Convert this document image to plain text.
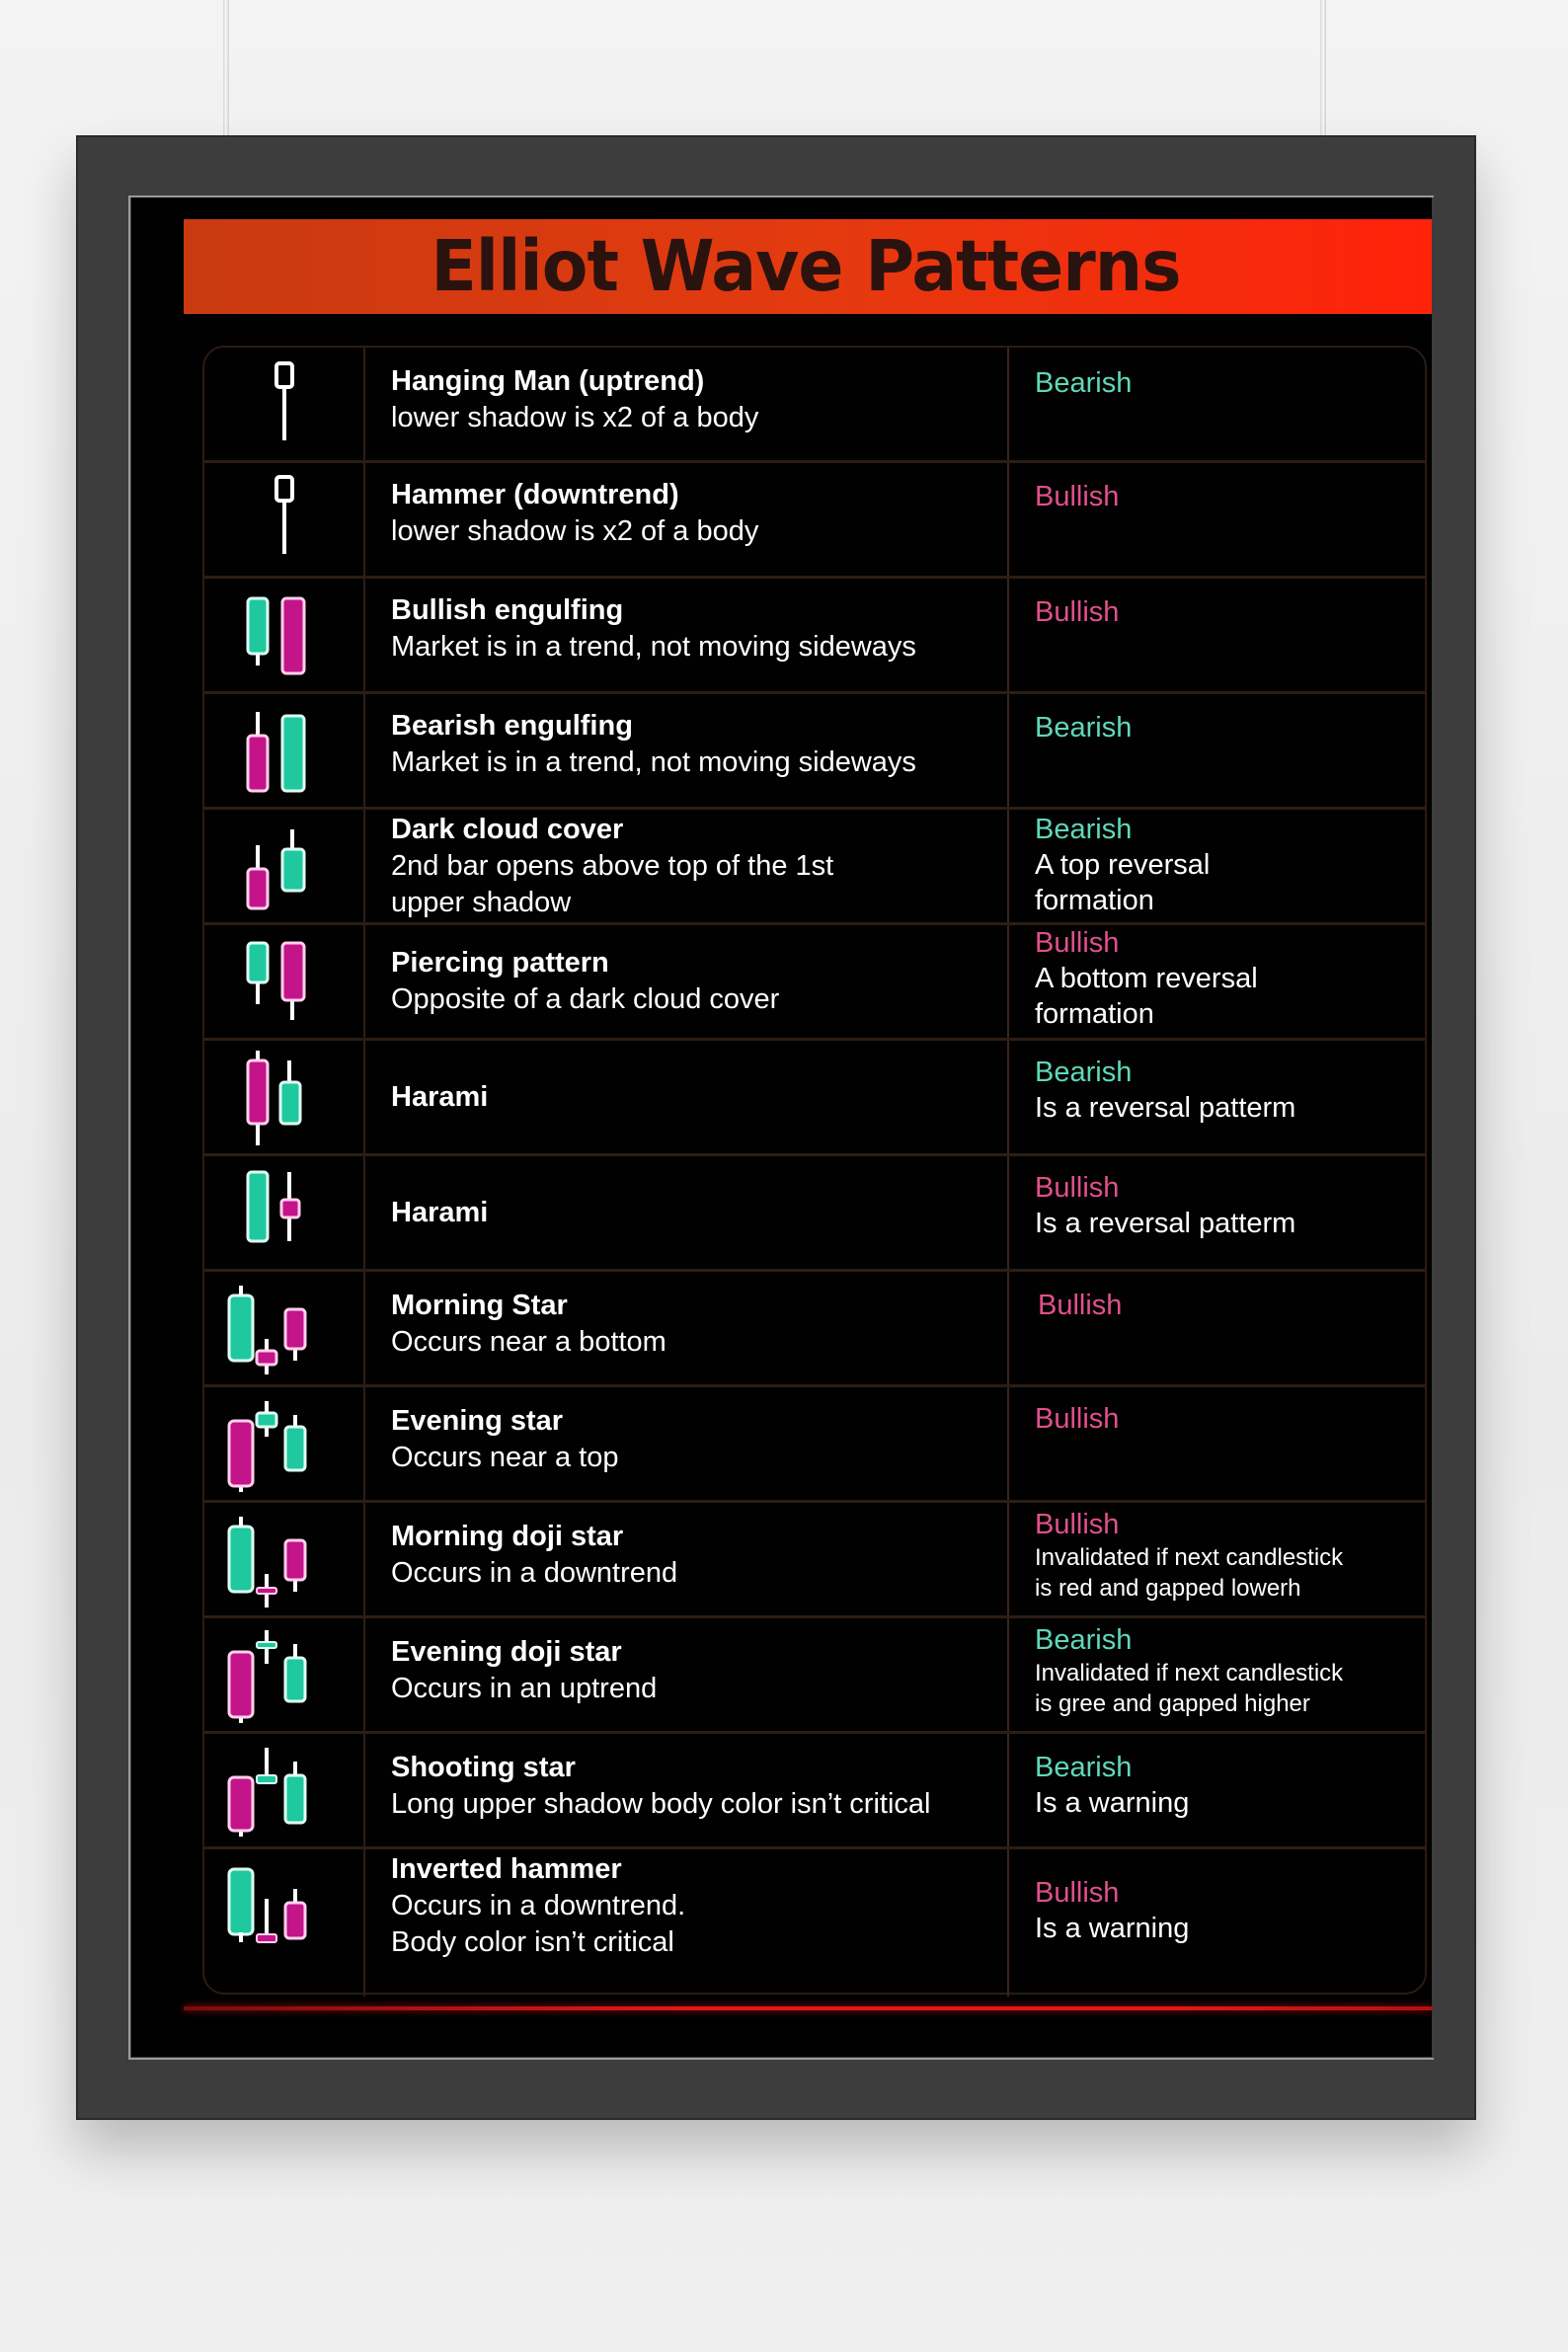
Elliot Wave Patterns
Hanging Man (uptrend)
lower shadow is x2 of a body
Bearish
Hammer (downtrend)
lower shadow is x2 of a body
Bullish
Bullish engulfing
Market is in a trend, not moving sideways
Bullish
Bearish engulfing
Market is in a trend, not moving sideways
Bearish
Dark cloud cover
2nd bar opens above top of the 1st
upper shadow
Bearish
A top reversal
formation
Piercing pattern
Opposite of a dark cloud cover
Bullish
A bottom reversal
formation
Harami
Bearish
Is a reversal patterm
Harami
Bullish
Is a reversal patterm
Morning Star
Occurs near a bottom
Bullish
Evening star
Occurs near a top
Bullish
Morning doji star
Occurs in a downtrend
Bullish
Invalidated if next candlestick
is red and gapped lowerh
Evening doji star
Occurs in an uptrend
Bearish
Invalidated if next candlestick
is gree and gapped higher
Shooting star
Long upper shadow body color isn’t critical
Bearish
Is a warning
Inverted hammer
Occurs in a downtrend.
Body color isn’t critical
Bullish
Is a warning
